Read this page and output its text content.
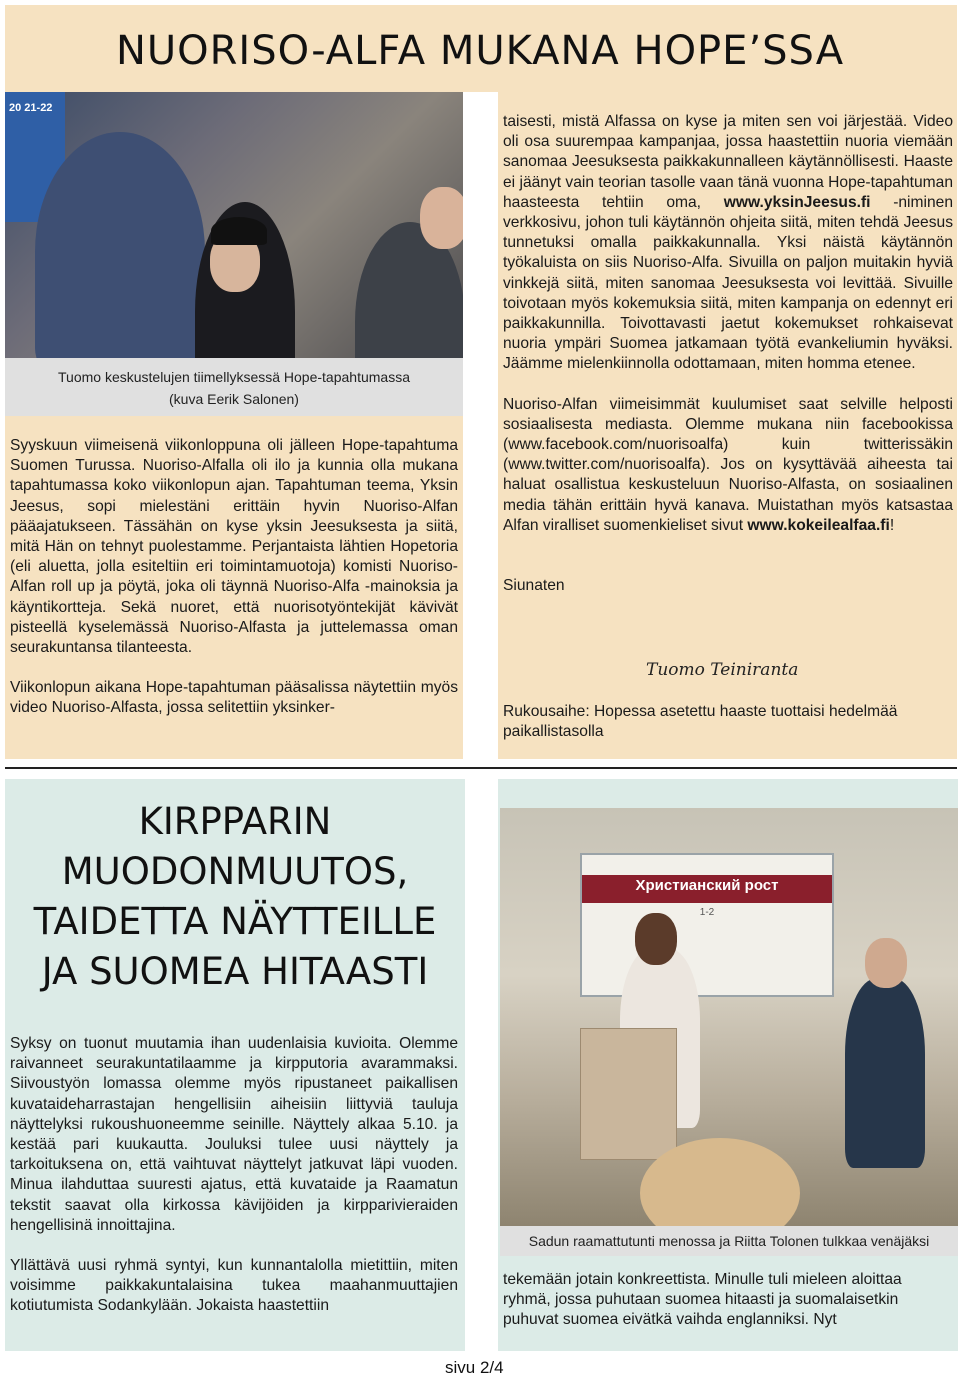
NUORISO-ALFA MUKANA HOPE’SSA
20 21-22
Tuomo keskustelujen tiimellyksessä Hope-tapahtumassa
(kuva Eerik Salonen)

Syyskuun viimeisenä viikonloppuna oli jälleen Hope-tapahtuma Suomen Turussa. Nuoriso-Alfalla oli ilo ja kunnia olla mukana tapahtumassa koko viikonlopun ajan. Tapahtuman teema, Yksin Jeesus, sopi mielestäni erittäin hyvin Nuoriso-Alfan pääajatukseen. Tässähän on kyse yksin Jeesuksesta ja siitä, mitä Hän on tehnyt puolestamme. Perjantaista lähtien Hopetoria (eli aluetta, jolla esiteltiin eri toimintamuotoja) komisti Nuoriso-Alfan roll up ja pöytä, joka oli täynnä Nuoriso-Alfa -mainoksia ja käyntikortteja. Sekä nuoret, että nuorisotyöntekijät kävivät pisteellä kyselemässä Nuoriso-Alfasta ja juttelemassa oman seurakuntansa tilanteesta.

Viikonlopun aikana Hope-tapahtuman pääsalissa näytettiin myös video Nuoriso-Alfasta, jossa selitettiin yksinker-

taisesti, mistä Alfassa on kyse ja miten sen voi järjestää. Video oli osa suurempaa kampanjaa, jossa haastettiin nuoria viemään sanomaa Jeesuksesta paikkakunnalleen käytännöllisesti. Haaste ei jäänyt vain teorian tasolle vaan tänä vuonna Hope-tapahtuman haasteesta tehtiin oma, www.yksinJeesus.fi -niminen verkkosivu, johon tuli käytännön ohjeita siitä, miten tehdä Jeesus tunnetuksi omalla paikkakunnalla. Yksi näistä käytännön työkaluista on siis Nuoriso-Alfa. Sivuilla on paljon muitakin hyviä vinkkejä siitä, miten sanomaa Jeesuksesta voi levittää. Sivuille toivotaan myös kokemuksia siitä, miten kampanja on edennyt eri paikkakunnilla. Toivottavasti jaetut kokemukset rohkaisevat nuoria ympäri Suomea jatkamaan työtä evankeliumin hyväksi. Jäämme mielenkiinnolla odottamaan, miten homma etenee.

Nuoriso-Alfan viimeisimmät kuulumiset saat selville helposti sosiaalisesta mediasta. Olemme mukana niin facebookissa (www.facebook.com/nuorisoalfa) kuin twitterissäkin (www.twitter.com/nuorisoalfa). Jos on kysyttävää aiheesta tai haluat osallistua keskusteluun Nuoriso-Alfasta, on sosiaalinen media tähän erittäin hyvä kanava. Muistathan myös katsastaa Alfan viralliset suomenkieliset sivut www.kokeilealfaa.fi!

Siunaten

Tuomo Teiniranta
Rukousaihe: Hopessa asetettu haaste tuottaisi hedelmää paikallistasolla
KIRPPARIN
MUODONMUUTOS,
TAIDETTA NÄYTTEILLE
JA SUOMEA HITAASTI

Syksy on tuonut muutamia ihan uudenlaisia kuvioita. Olemme raivanneet seurakuntatilaamme ja kirpputoria avarammaksi. Siivoustyön lomassa olemme myös ripustaneet paikallisen kuvataideharrastajan hengellisiin aiheisiin liittyviä tauluja näyttelyksi rukoushuoneemme seinille. Näyttely alkaa 5.10. ja kestää pari kuukautta. Jouluksi tulee uusi näyttely ja tarkoituksena on, että vaihtuvat näyttelyt jatkuvat läpi vuoden. Minua ilahduttaa suuresti ajatus, että kuvataide ja Raamatun tekstit saavat olla kirkossa kävijöiden ja kirpparivieraiden hengellisinä innoittajina.

Yllättävä uusi ryhmä syntyi, kun kunnantalolla mietittiin, miten voisimme paikkakuntalaisina tukea maahanmuuttajien kotiutumista Sodankylään. Jokaista haastettiin

Христианский рост
1-2
Sadun raamattutunti menossa ja Riitta Tolonen tulkkaa venäjäksi

tekemään jotain konkreettista. Minulle tuli mieleen aloittaa ryhmä, jossa puhutaan suomea hitaasti ja suomalaisetkin puhuvat suomea eivätkä vaihda englanniksi. Nyt

sivu 2/4
